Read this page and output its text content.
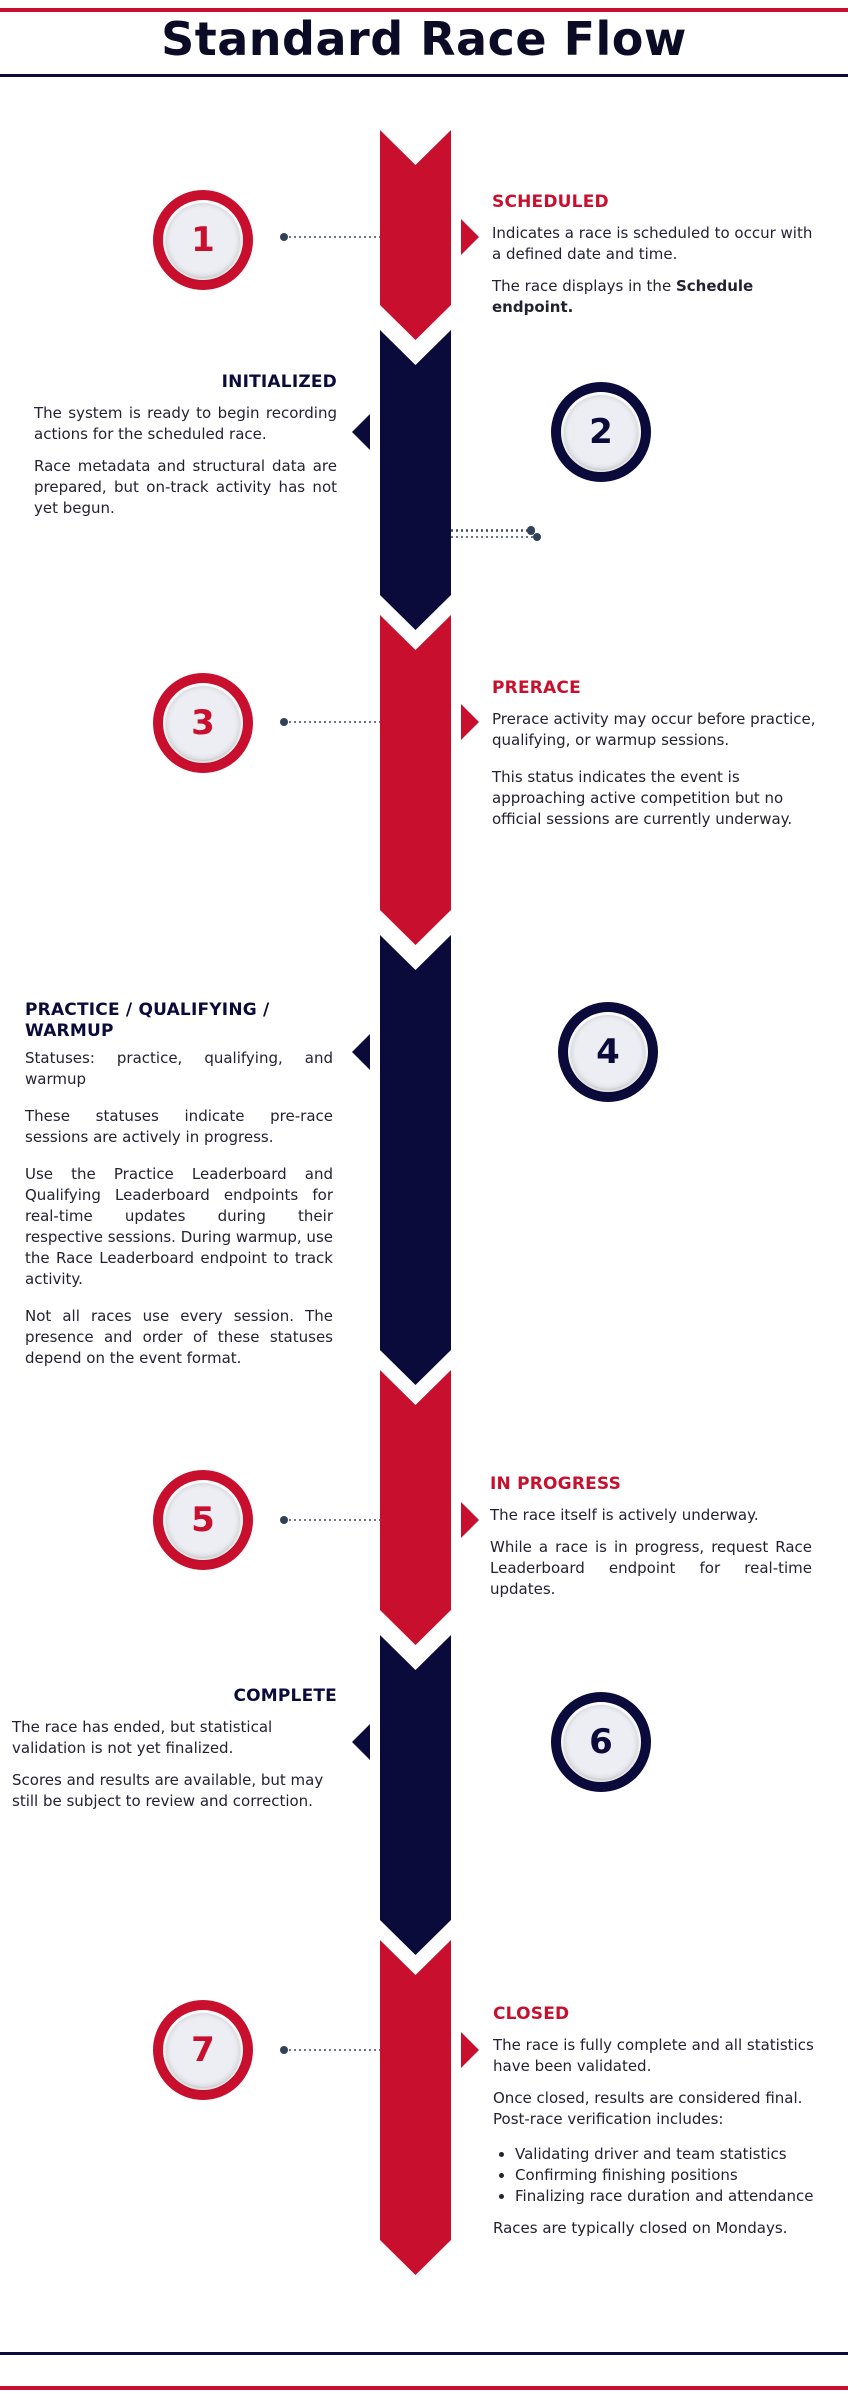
Standard Race Flow
1
SCHEDULED

Indicates a race is scheduled to occur with a defined date and time.

The race displays in the Schedule endpoint.

2
INITIALIZED

The system is ready to begin recording actions for the scheduled race.

Race metadata and structural data are prepared, but on-track activity has not yet begun.

3
PRERACE

Prerace activity may occur before practice, qualifying, or warmup sessions.

This status indicates the event is approaching active competition but no official sessions are currently underway.

4
PRACTICE / QUALIFYING / WARMUP

Statuses: practice, qualifying, and warmup

These statuses indicate pre-race sessions are actively in progress.

Use the Practice Leaderboard and Qualifying Leaderboard endpoints for real-time updates during their respective sessions. During warmup, use the Race Leaderboard endpoint to track activity.

Not all races use every session. The presence and order of these statuses depend on the event format.

5
IN PROGRESS

The race itself is actively underway.

While a race is in progress, request Race Leaderboard endpoint for real-time updates.

6
COMPLETE

The race has ended, but statistical validation is not yet finalized.

Scores and results are available, but may still be subject to review and correction.

7
CLOSED

The race is fully complete and all statistics have been validated.

Once closed, results are considered final. Post-race verification includes:

• Validating driver and team statistics
• Confirming finishing positions
• Finalizing race duration and attendance

Races are typically closed on Mondays.
